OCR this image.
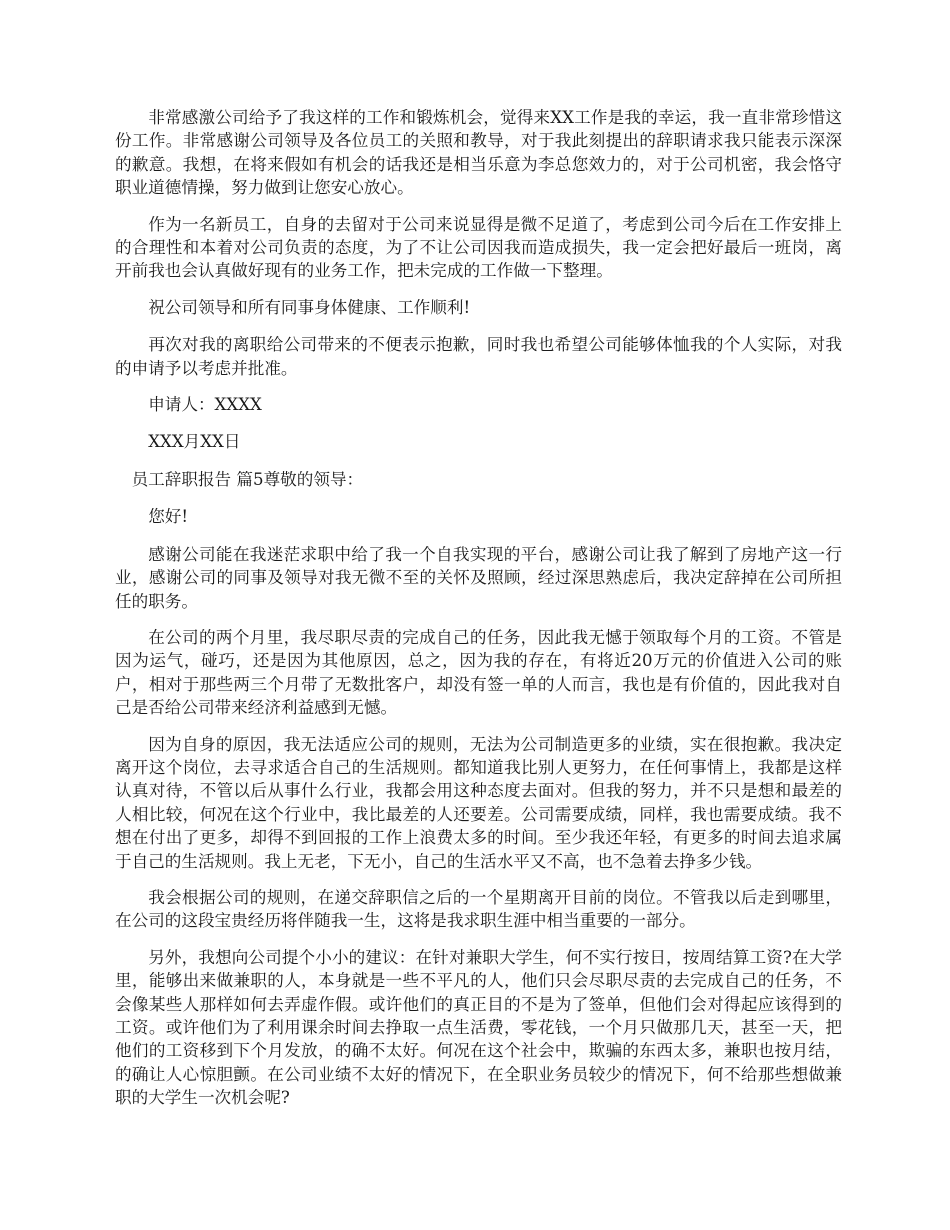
非常感激公司给予了我这样的工作和锻炼机会，觉得来XX工作是我的幸运，我一直非常珍惜这份工作。非常感谢公司领导及各位员工的关照和教导，对于我此刻提出的辞职请求我只能表示深深的歉意。我想，在将来假如有机会的话我还是相当乐意为李总您效力的，对于公司机密，我会恪守职业道德情操，努力做到让您安心放心。

作为一名新员工，自身的去留对于公司来说显得是微不足道了，考虑到公司今后在工作安排上的合理性和本着对公司负责的态度，为了不让公司因我而造成损失，我一定会把好最后一班岗，离开前我也会认真做好现有的业务工作，把未完成的工作做一下整理。

祝公司领导和所有同事身体健康、工作顺利!

再次对我的离职给公司带来的不便表示抱歉，同时我也希望公司能够体恤我的个人实际，对我的申请予以考虑并批准。

申请人：XXXX

XXX月XX日

员工辞职报告 篇5尊敬的领导：

您好!

感谢公司能在我迷茫求职中给了我一个自我实现的平台，感谢公司让我了解到了房地产这一行业，感谢公司的同事及领导对我无微不至的关怀及照顾，经过深思熟虑后，我决定辞掉在公司所担任的职务。

在公司的两个月里，我尽职尽责的完成自己的任务，因此我无憾于领取每个月的工资。不管是因为运气，碰巧，还是因为其他原因，总之，因为我的存在，有将近20万元的价值进入公司的账户，相对于那些两三个月带了无数批客户，却没有签一单的人而言，我也是有价值的，因此我对自己是否给公司带来经济利益感到无憾。

因为自身的原因，我无法适应公司的规则，无法为公司制造更多的业绩，实在很抱歉。我决定离开这个岗位，去寻求适合自己的生活规则。都知道我比别人更努力，在任何事情上，我都是这样认真对待，不管以后从事什么行业，我都会用这种态度去面对。但我的努力，并不只是想和最差的人相比较，何况在这个行业中，我比最差的人还要差。公司需要成绩，同样，我也需要成绩。我不想在付出了更多，却得不到回报的工作上浪费太多的时间。至少我还年轻，有更多的时间去追求属于自己的生活规则。我上无老，下无小，自己的生活水平又不高，也不急着去挣多少钱。

我会根据公司的规则，在递交辞职信之后的一个星期离开目前的岗位。不管我以后走到哪里，在公司的这段宝贵经历将伴随我一生，这将是我求职生涯中相当重要的一部分。

另外，我想向公司提个小小的建议：在针对兼职大学生，何不实行按日，按周结算工资?在大学里，能够出来做兼职的人，本身就是一些不平凡的人，他们只会尽职尽责的去完成自己的任务，不会像某些人那样如何去弄虚作假。或许他们的真正目的不是为了签单，但他们会对得起应该得到的工资。或许他们为了利用课余时间去挣取一点生活费，零花钱，一个月只做那几天，甚至一天，把他们的工资移到下个月发放，的确不太好。何况在这个社会中，欺骗的东西太多，兼职也按月结，的确让人心惊胆颤。在公司业绩不太好的情况下，在全职业务员较少的情况下，何不给那些想做兼职的大学生一次机会呢?
